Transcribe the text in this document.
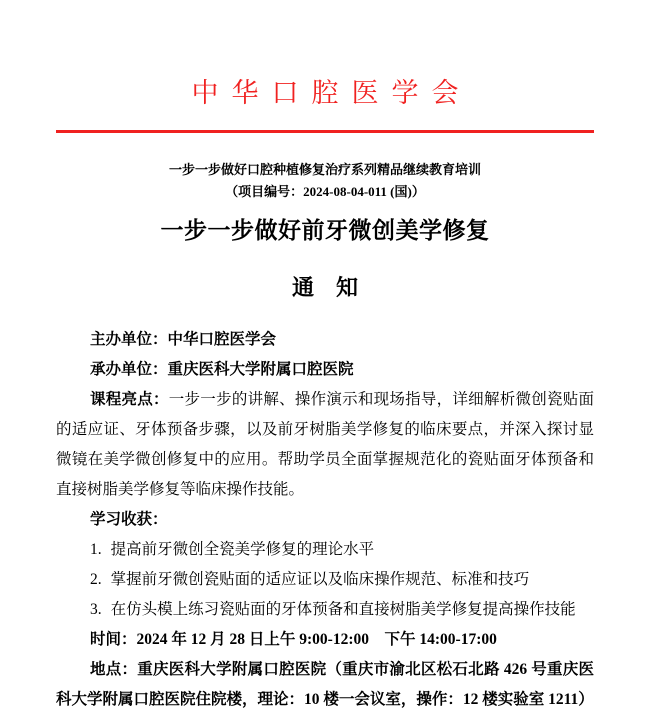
中华口腔医学会

一步一步做好口腔种植修复治疗系列精品继续教育培训

（项目编号：2024-08-04-011 (国)）

一步一步做好前牙微创美学修复
通　知

主办单位：中华口腔医学会

承办单位：重庆医科大学附属口腔医院

课程亮点：一步一步的讲解、操作演示和现场指导，详细解析微创瓷贴面的适应证、牙体预备步骤，以及前牙树脂美学修复的临床要点，并深入探讨显微镜在美学微创修复中的应用。帮助学员全面掌握规范化的瓷贴面牙体预备和直接树脂美学修复等临床操作技能。

学习收获：

1. 提高前牙微创全瓷美学修复的理论水平

2. 掌握前牙微创瓷贴面的适应证以及临床操作规范、标准和技巧

3. 在仿头模上练习瓷贴面的牙体预备和直接树脂美学修复提高操作技能

时间：2024 年 12 月 28 日上午 9:00-12:00　下午 14:00-17:00

地点：重庆医科大学附属口腔医院（重庆市渝北区松石北路 426 号重庆医科大学附属口腔医院住院楼，理论：10 楼一会议室，操作：12 楼实验室 1211）
